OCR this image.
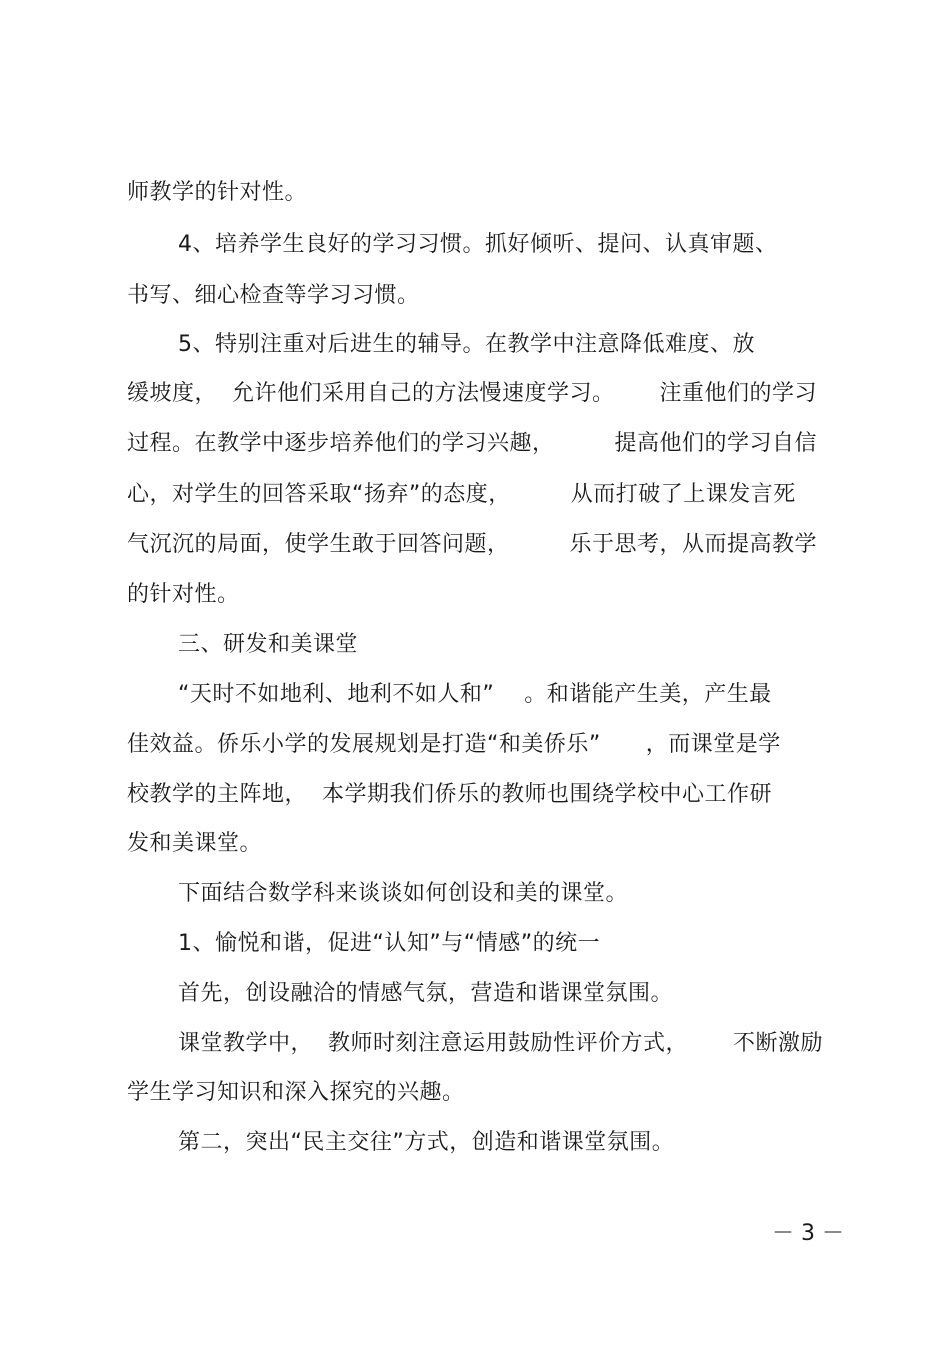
师教学的针对性。
4、培养学生良好的学习习惯。抓好倾听、提问、认真审题、
书写、细心检查等学习习惯。
5、特别注重对后进生的辅导。在教学中注意降低难度、放
缓坡度，  允许他们采用自己的方法慢速度学习。      注重他们的学习
过程。在教学中逐步培养他们的学习兴趣，        提高他们的学习自信
心，对学生的回答采取“扬弃”的态度，        从而打破了上课发言死
气沉沉的局面，使学生敢于回答问题，        乐于思考，从而提高教学
的针对性。
三、研发和美课堂
“天时不如地利、地利不如人和”    。和谐能产生美，产生最
佳效益。侨乐小学的发展规划是打造“和美侨乐”      ，而课堂是学
校教学的主阵地，  本学期我们侨乐的教师也围绕学校中心工作研
发和美课堂。
下面结合数学科来谈谈如何创设和美的课堂。
1、愉悦和谐，促进“认知”与“情感”的统一
首先，创设融洽的情感气氛，营造和谐课堂氛围。
课堂教学中，  教师时刻注意运用鼓励性评价方式，      不断激励
学生学习知识和深入探究的兴趣。
第二，突出“民主交往”方式，创造和谐课堂氛围。
－ 3 －
